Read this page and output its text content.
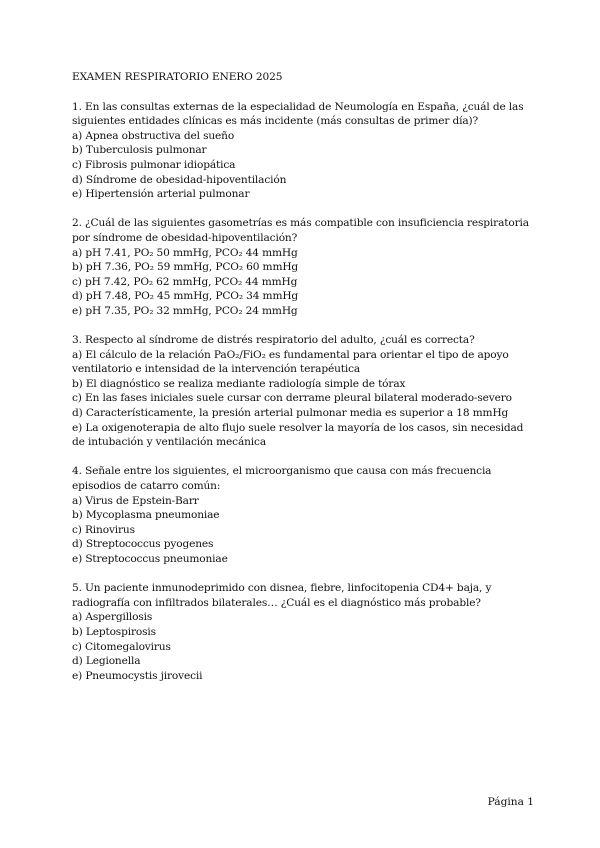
EXAMEN RESPIRATORIO ENERO 2025

1. En las consultas externas de la especialidad de Neumología en España, ¿cuál de las siguientes entidades clínicas es más incidente (más consultas de primer día)?

a) Apnea obstructiva del sueño

b) Tuberculosis pulmonar

c) Fibrosis pulmonar idiopática

d) Síndrome de obesidad-hipoventilación

e) Hipertensión arterial pulmonar

2. ¿Cuál de las siguientes gasometrías es más compatible con insuficiencia respiratoria por síndrome de obesidad-hipoventilación?

a) pH 7.41, PO₂ 50 mmHg, PCO₂ 44 mmHg

b) pH 7.36, PO₂ 59 mmHg, PCO₂ 60 mmHg

c) pH 7.42, PO₂ 62 mmHg, PCO₂ 44 mmHg

d) pH 7.48, PO₂ 45 mmHg, PCO₂ 34 mmHg

e) pH 7.35, PO₂ 32 mmHg, PCO₂ 24 mmHg

3. Respecto al síndrome de distrés respiratorio del adulto, ¿cuál es correcta?

a) El cálculo de la relación PaO₂/FiO₂ es fundamental para orientar el tipo de apoyo ventilatorio e intensidad de la intervención terapéutica

b) El diagnóstico se realiza mediante radiología simple de tórax

c) En las fases iniciales suele cursar con derrame pleural bilateral moderado-severo

d) Característicamente, la presión arterial pulmonar media es superior a 18 mmHg

e) La oxigenoterapia de alto flujo suele resolver la mayoría de los casos, sin necesidad de intubación y ventilación mecánica

4. Señale entre los siguientes, el microorganismo que causa con más frecuencia episodios de catarro común:

a) Virus de Epstein-Barr

b) Mycoplasma pneumoniae

c) Rinovirus

d) Streptococcus pyogenes

e) Streptococcus pneumoniae

5. Un paciente inmunodeprimido con disnea, fiebre, linfocitopenia CD4+ baja, y radiografía con infiltrados bilaterales… ¿Cuál es el diagnóstico más probable?

a) Aspergillosis

b) Leptospirosis

c) Citomegalovirus

d) Legionella

e) Pneumocystis jirovecii

Página 1
